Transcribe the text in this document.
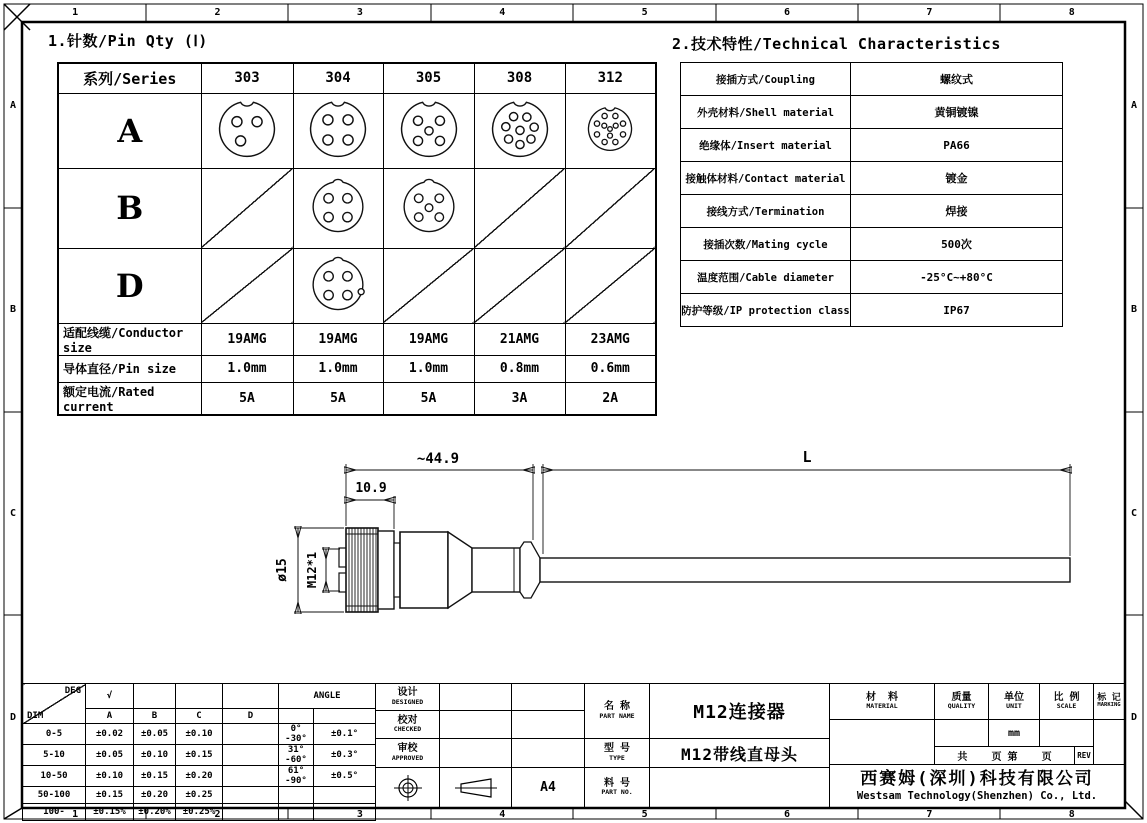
1	2	3	4	5	6	7	8
1	2	3	4	5	6	7	8
A
B
C
D
A
B
C
D
1.针数/Pin Qty (Ⅰ)	2.技术特性/Technical Characteristics
系列/Series	303	304	305	308	312
A					
B					
D					
适配线缆/Conductor size	19AMG	19AMG	19AMG	21AMG	23AMG
导体直径/Pin size	1.0mm	1.0mm	1.0mm	0.8mm	0.6mm
额定电流/Rated current	5A	5A	5A	3A	2A
接插方式/Coupling	螺纹式
外壳材料/Shell material	黄铜镀镍
绝缘体/Insert material	PA66
接触体材料/Contact material	镀金
接线方式/Termination	焊接
接插次数/Mating cycle	500次
温度范围/Cable diameter	-25°C~+80°C
防护等级/IP protection class	IP67
~44.9	L
10.9
ø15 M12*1
DEG
DIM	√				ANGLE	
	A	B	C	D		
0-5	±0.02	±0.05	±0.10		0° -30°	±0.1°
5-10	±0.05	±0.10	±0.15		31° -60°	±0.3°
10-50	±0.10	±0.15	±0.20		61° -90°	±0.5°
50-100	±0.15	±0.20	±0.25			
100-	±0.15%	±0.20%	±0.25%			
设计
DESIGNED
校对
CHECKED
审校
APPROVED
A4
名 称
PART NAME	M12连接器
型 号
TYPE	M12带线直母头
料 号
PART NO.
材  料
MATERIAL
质量
QUALITY
单位
UNIT
比 例
SCALE
标 记
MARKING
mm
共    页 第    页	REV
西赛姆(深圳)科技有限公司
Westsam Technology(Shenzhen) Co., Ltd.
